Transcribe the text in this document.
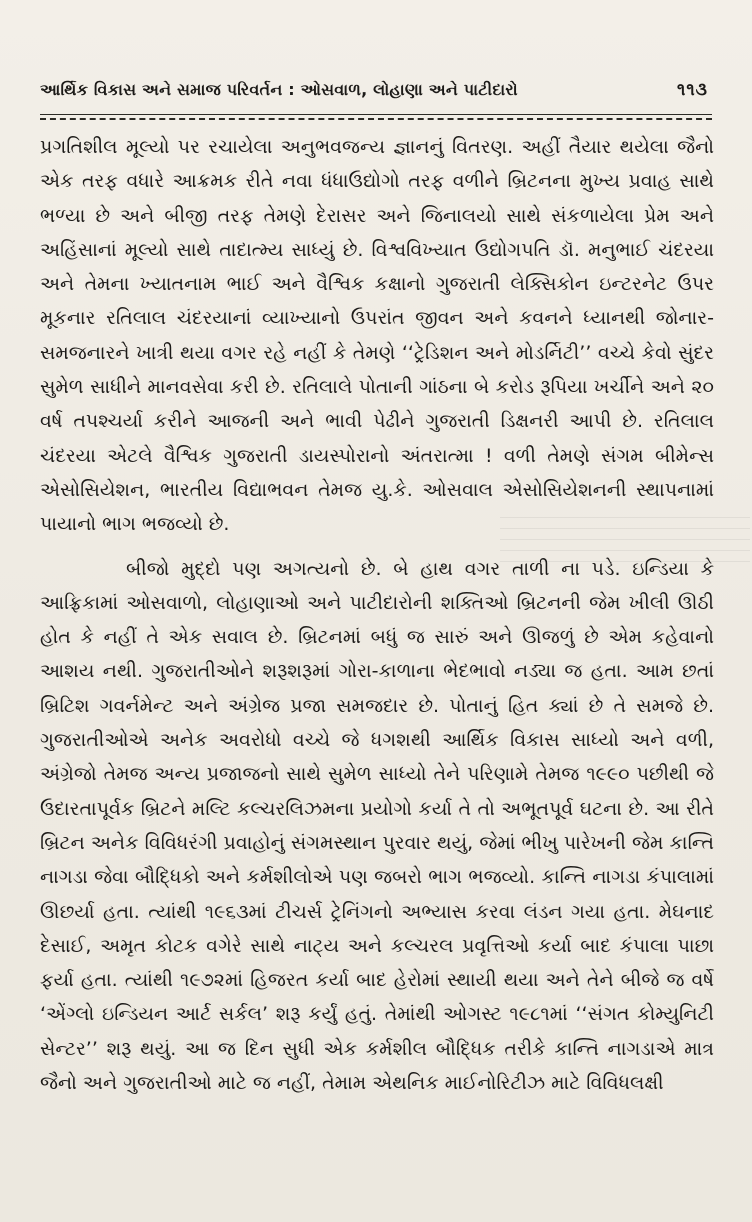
આર્થિક વિકાસ અને સમાજ પરિવર્તન : ઓસવાળ, લોહાણા અને પાટીદારો	૧૧૩

પ્રગતિશીલ મૂલ્યો પર રચાયેલા અનુભવજન્ય જ્ઞાનનું વિતરણ. અહીં તૈયાર થયેલા જૈનો એક તરફ વધારે આક્રમક રીતે નવા ધંધાઉદ્યોગો તરફ વળીને બ્રિટનના મુખ્ય પ્રવાહ સાથે ભળ્યા છે અને બીજી તરફ તેમણે દેરાસર અને જિનાલયો સાથે સંકળાયેલા પ્રેમ અને અહિંસાનાં મૂલ્યો સાથે તાદાત્મ્ય સાધ્યું છે. વિશ્વવિખ્યાત ઉદ્યોગપતિ ડૉ. મનુભાઈ ચંદરયા અને તેમના ખ્યાતનામ ભાઈ અને વૈશ્વિક કક્ષાનો ગુજરાતી લેક્સિકોન ઇન્ટરનેટ ઉપર મૂકનાર રતિલાલ ચંદરયાનાં વ્યાખ્યાનો ઉપરાંત જીવન અને કવનને ધ્યાનથી જોનાર-સમજનારને ખાત્રી થયા વગર રહે નહીં કે તેમણે ‘‘ટ્રેડિશન અને મોડર્નિટી’’ વચ્ચે કેવો સુંદર સુમેળ સાધીને માનવસેવા કરી છે. રતિલાલે પોતાની ગાંઠના બે કરોડ રૂપિયા ખર્ચીને અને ૨૦ વર્ષ તપશ્ચર્યા કરીને આજની અને ભાવી પેઢીને ગુજરાતી ડિક્ષનરી આપી છે. રતિલાલ ચંદરયા એટલે વૈશ્વિક ગુજરાતી ડાયસ્પોરાનો અંતરાત્મા ! વળી તેમણે સંગમ બીમેન્સ એસોસિયેશન, ભારતીય વિદ્યાભવન તેમજ યુ.કે. ઓસવાલ એસોસિયેશનની સ્થાપનામાં પાયાનો ભાગ ભજવ્યો છે.

બીજો મુદ્દો પણ અગત્યનો છે. બે હાથ વગર તાળી ના પડે. ઇન્ડિયા કે આફ્રિકામાં ઓસવાળો, લોહાણાઓ અને પાટીદારોની શક્તિઓ બ્રિટનની જેમ ખીલી ઊઠી હોત કે નહીં તે એક સવાલ છે. બ્રિટનમાં બધું જ સારું અને ઊજળું છે એમ કહેવાનો આશય નથી. ગુજરાતીઓને શરૂશરૂમાં ગોરા-કાળાના ભેદભાવો નડ્યા જ હતા. આમ છતાં બ્રિટિશ ગવર્નમેન્ટ અને અંગ્રેજ પ્રજા સમજદાર છે. પોતાનું હિત ક્યાં છે તે સમજે છે. ગુજરાતીઓએ અનેક અવરોધો વચ્ચે જે ધગશથી આર્થિક વિકાસ સાધ્યો અને વળી, અંગ્રેજો તેમજ અન્ય પ્રજાજનો સાથે સુમેળ સાધ્યો તેને પરિણામે તેમજ ૧૯૯૦ પછીથી જે ઉદારતાપૂર્વક બ્રિટને મલ્ટિ કલ્ચરલિઝમના પ્રયોગો કર્યા તે તો અભૂતપૂર્વ ઘટના છે. આ રીતે બ્રિટન અનેક વિવિધરંગી પ્રવાહોનું સંગમસ્થાન પુરવાર થયું, જેમાં ભીખુ પારેખની જેમ કાન્તિ નાગડા જેવા બૌદ્ધિકો અને કર્મશીલોએ પણ જબરો ભાગ ભજવ્યો. કાન્તિ નાગડા કંપાલામાં ઊછર્યા હતા. ત્યાંથી ૧૯૬૩માં ટીચર્સ ટ્રેનિંગનો અભ્યાસ કરવા લંડન ગયા હતા. મેઘનાદ દેસાઈ, અમૃત કોટક વગેરે સાથે નાટ્ય અને કલ્ચરલ પ્રવૃત્તિઓ કર્યા બાદ કંપાલા પાછા ફર્યા હતા. ત્યાંથી ૧૯૭૨માં હિજરત કર્યા બાદ હેરોમાં સ્થાયી થયા અને તેને બીજે જ વર્ષે ‘એંગ્લો ઇન્ડિયન આર્ટ સર્કલ’ શરૂ કર્યું હતું. તેમાંથી ઓગસ્ટ ૧૯૮૧માં ‘‘સંગત કોમ્યુનિટી સેન્ટર’’ શરૂ થયું. આ જ દિન સુધી એક કર્મશીલ બૌદ્ધિક તરીકે કાન્તિ નાગડાએ માત્ર જૈનો અને ગુજરાતીઓ માટે જ નહીં, તેમામ એથનિક માઈનોરિટીઝ માટે વિવિધલક્ષી
